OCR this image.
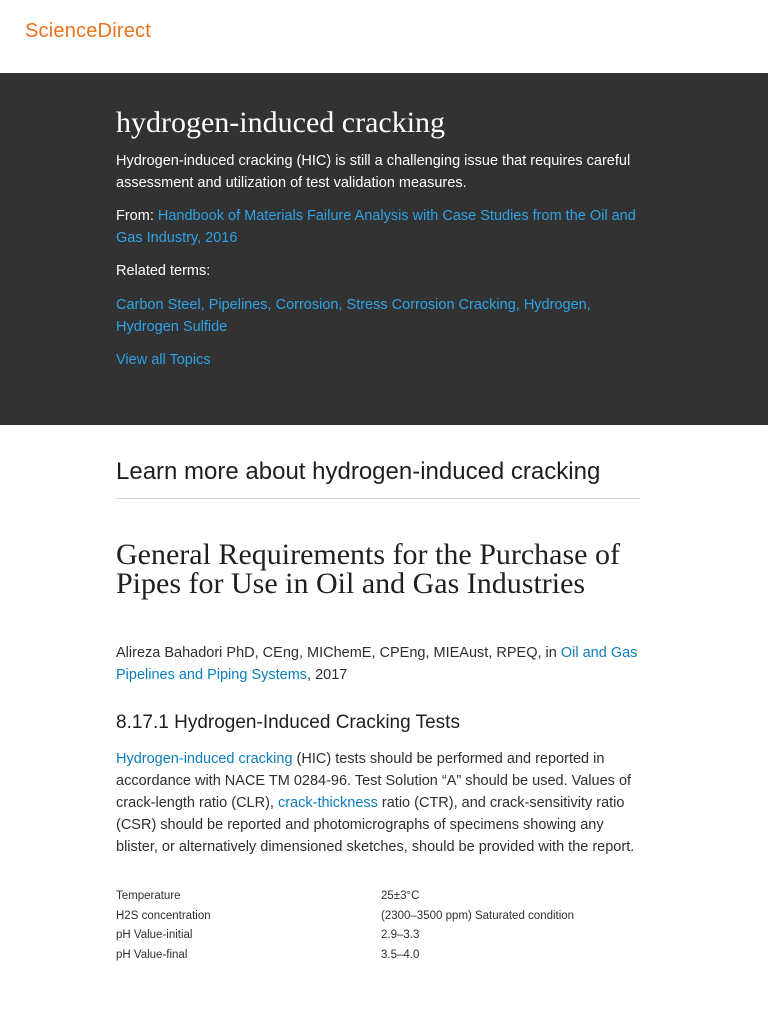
ScienceDirect
hydrogen-induced cracking
Hydrogen-induced cracking (HIC) is still a challenging issue that requires careful assessment and utilization of test validation measures.
From: Handbook of Materials Failure Analysis with Case Studies from the Oil and Gas Industry, 2016
Related terms:
Carbon Steel, Pipelines, Corrosion, Stress Corrosion Cracking, Hydrogen, Hydrogen Sulfide
View all Topics
Learn more about hydrogen-induced cracking
General Requirements for the Purchase of Pipes for Use in Oil and Gas Industries
Alireza Bahadori PhD, CEng, MIChemE, CPEng, MIEAust, RPEQ, in Oil and Gas Pipelines and Piping Systems, 2017
8.17.1 Hydrogen-Induced Cracking Tests
Hydrogen-induced cracking (HIC) tests should be performed and reported in accordance with NACE TM 0284-96. Test Solution “A” should be used. Values of crack-length ratio (CLR), crack-thickness ratio (CTR), and crack-sensitivity ratio (CSR) should be reported and photomicrographs of specimens showing any blister, or alternatively dimensioned sketches, should be provided with the report.
Temperature	25±3°C
H2S concentration	(2300–3500 ppm) Saturated condition
pH Value-initial	2.9–3.3
pH Value-final	3.5–4.0
